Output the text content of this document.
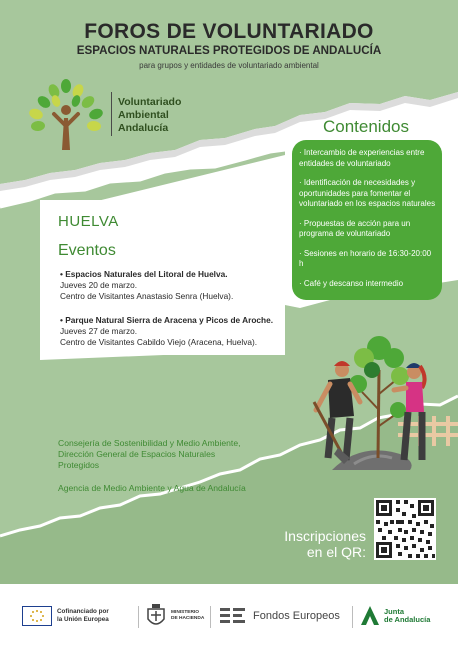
FOROS DE VOLUNTARIADO
ESPACIOS NATURALES PROTEGIDOS DE ANDALUCÍA
para grupos y entidades de voluntariado ambiental
Voluntariado
Ambiental
Andalucía	Contenidos
· Intercambio de experiencias entre entidades de voluntariado
· Identificación de necesidades y oportunidades para fomentar el voluntariado en los espacios naturales
· Propuestas de acción para un programa de voluntariado
· Sesiones en horario de 16:30-20:00 h
· Café y descanso intermedio
HUELVA
Eventos
• Espacios Naturales del Litoral de Huelva.
Jueves 20 de marzo.
Centro de Visitantes Anastasio Senra (Huelva).
• Parque Natural Sierra de Aracena y Picos de Aroche.
Jueves 27 de marzo.
Centro de Visitantes Cabildo Viejo (Aracena, Huelva).
Consejería de Sostenibilidad y Medio Ambiente, Dirección General de Espacios Naturales Protegidos
Agencia de Medio Ambiente y Agua de Andalucía
Inscripciones
en el QR:
Cofinanciado por
la Unión Europea
MINISTERIO
DE HACIENDA	Fondos Europeos	Junta
de Andalucía
